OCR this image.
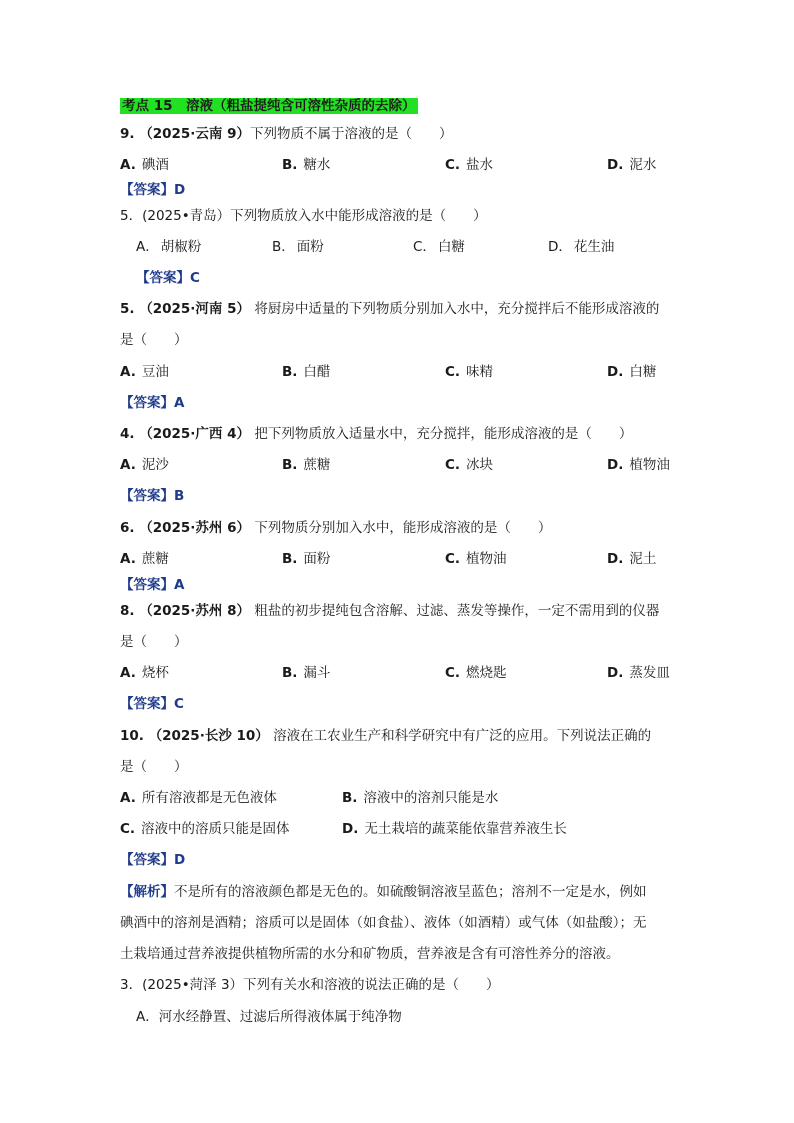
考点 15　 溶液（粗盐提纯含可溶性杂质的去除）
9. （2025·云南 9）下列物质不属于溶液的是（　　）
A. 碘酒	B. 糖水	C. 盐水	D. 泥水
【答案】D
5．(2025•青岛）下列物质放入水中能形成溶液的是（　　）
A． 胡椒粉	B． 面粉	C． 白糖	D． 花生油
【答案】C
5. （2025·河南 5） 将厨房中适量的下列物质分别加入水中，充分搅拌后不能形成溶液的
是（　　）
A. 豆油	B. 白醋	C. 味精	D. 白糖
【答案】A
4. （2025·广西 4） 把下列物质放入适量水中，充分搅拌，能形成溶液的是（　　）
A. 泥沙	B. 蔗糖	C. 冰块	D. 植物油
【答案】B
6. （2025·苏州 6） 下列物质分别加入水中，能形成溶液的是（　　）
A. 蔗糖	B. 面粉	C. 植物油	D. 泥土
【答案】A
8. （2025·苏州 8） 粗盐的初步提纯包含溶解、过滤、蒸发等操作，一定不需用到的仪器
是（　　）
A. 烧杯	B. 漏斗	C. 燃烧匙	D. 蒸发皿
【答案】C
10. （2025·长沙 10） 溶液在工农业生产和科学研究中有广泛的应用。下列说法正确的
是（　　）
A. 所有溶液都是无色液体	B. 溶液中的溶剂只能是水
C. 溶液中的溶质只能是固体	D. 无土栽培的蔬菜能依靠营养液生长
【答案】D
【解析】不是所有的溶液颜色都是无色的。如硫酸铜溶液呈蓝色；溶剂不一定是水，例如
碘酒中的溶剂是酒精；溶质可以是固体（如食盐）、液体（如酒精）或气体（如盐酸）；无
土栽培通过营养液提供植物所需的水分和矿物质，营养液是含有可溶性养分的溶液。
3．(2025•菏泽 3）下列有关水和溶液的说法正确的是（　　）
A．河水经静置、过滤后所得液体属于纯净物
